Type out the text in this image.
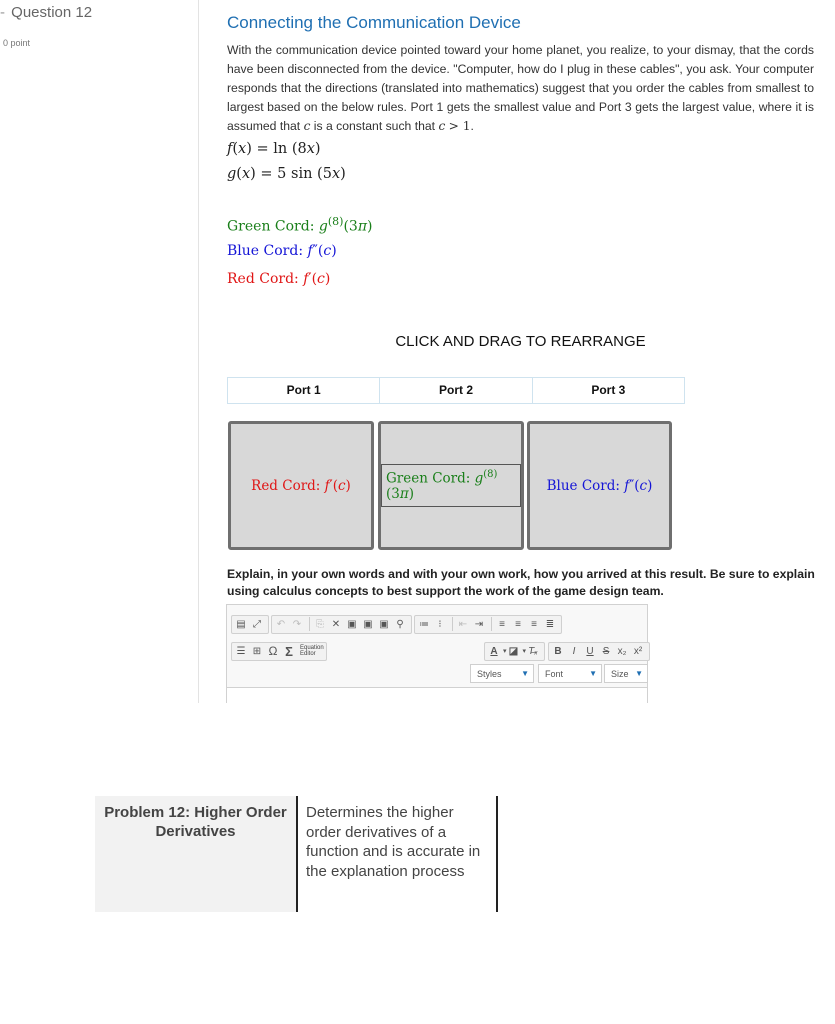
- Question 12
0 point
Connecting the Communication Device
With the communication device pointed toward your home planet, you realize, to your dismay, that the cords have been disconnected from the device. "Computer, how do I plug in these cables", you ask. Your computer responds that the directions (translated into mathematics) suggest that you order the cables from smallest to largest based on the below rules. Port 1 gets the smallest value and Port 3 gets the largest value, where it is assumed that c is a constant such that c > 1.
f(x) = ln (8x)
g(x) = 5 sin (5x)
Green Cord: $g^{(8)}(3\pi)$
Blue Cord: f″(c)
Red Cord: f′(c)
CLICK AND DRAG TO REARRANGE
Port 1	Port 2	Port 3
Red Cord: f′(c)	Green Cord: $g^{(8)}(3\pi)$
Blue Cord: f″(c)
Explain, in your own words and with your own work, how you arrived at this result. Be sure to explain using calculus concepts to best support the work of the game design team.
▤ ⤢	↶ ↷	⎘ ✕ ▣ ▣ ▣ ⚲	≔ ⁝	⇤ ⇥	≡	≡	≡ ≣
☰ ⊞ Ω Σ	Equation
Editor	A ▾ ◪ ▾ T̶ₓ	B	I	U S x₂ x²
Styles ▼ Font	▼ Size ▼
Problem 12: Higher Order Derivatives
Determines the higher order derivatives of a function and is accurate in the explanation process
